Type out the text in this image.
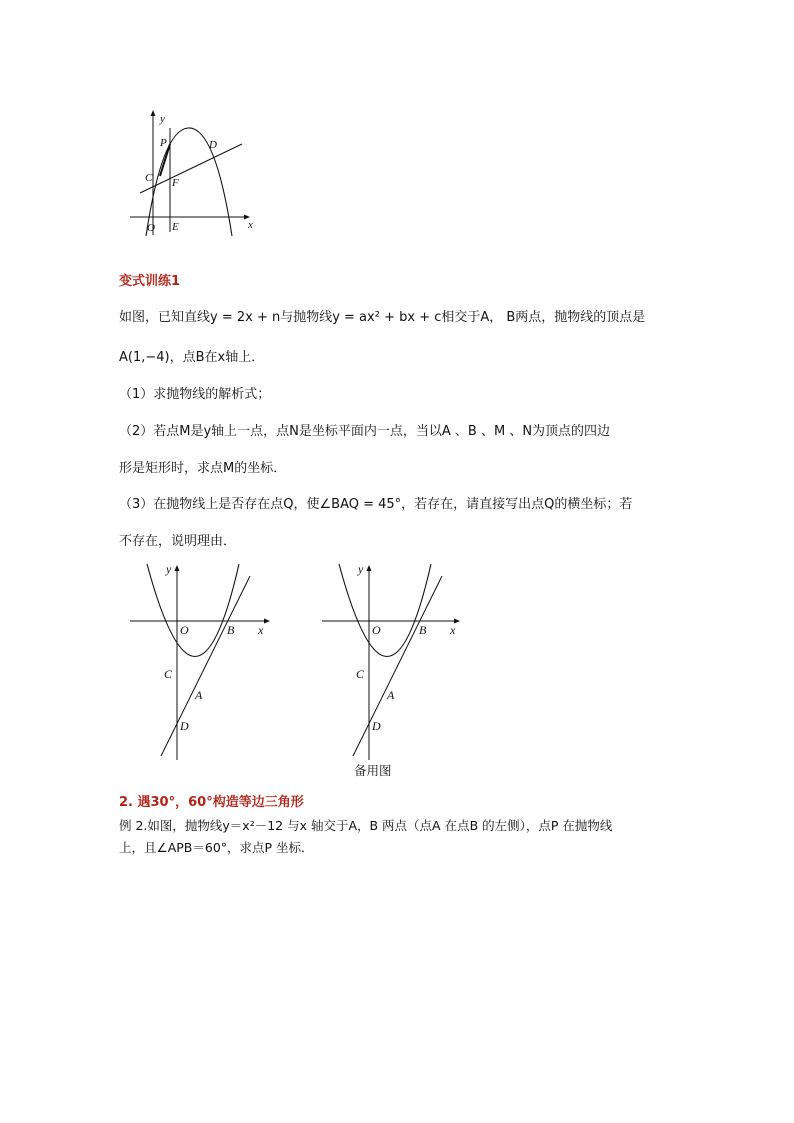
y
x
P	D
C F
O E
变式训练1
如图，已知直线y = 2x + n与抛物线y = ax² + bx + c相交于A， B两点，抛物线的顶点是
A(1,−4)，点B在x轴上．
（1）求抛物线的解析式；
（2）若点M是y轴上一点，点N是坐标平面内一点，当以A 、B 、M 、N为顶点的四边
形是矩形时，求点M的坐标．
（3）在抛物线上是否存在点Q，使∠BAQ = 45°，若存在，请直接写出点Q的横坐标；若
不存在，说明理由．
y
x
O	B
C
A
D
y
x
O	B
C
A
D
备用图
2. 遇30°，60°构造等边三角形
例 2.如图，抛物线y＝x²－12 与x 轴交于A，B 两点（点A 在点B 的左侧），点P 在抛物线
上，且∠APB＝60°，求点P 坐标．
